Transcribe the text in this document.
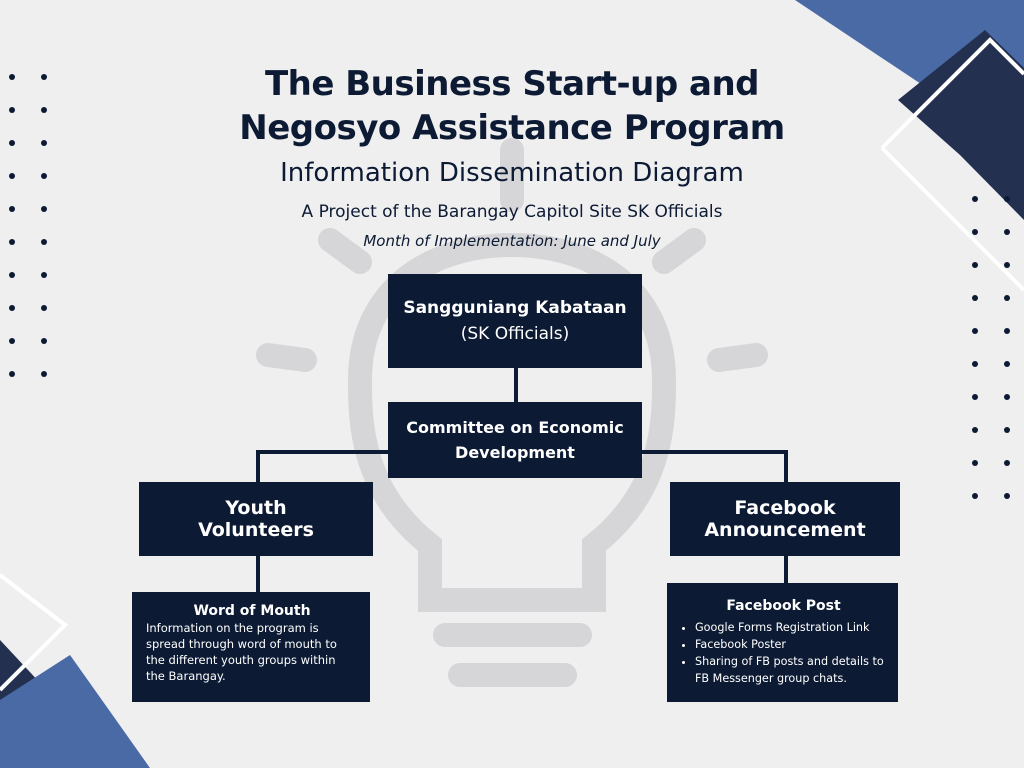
The Business Start-up and
Negosyo Assistance Program
Information Dissemination Diagram
A Project of the Barangay Capitol Site SK Officials
Month of Implementation: June and July
Sangguniang Kabataan
(SK Officials)
Committee on Economic
Development
Youth
Volunteers
Facebook
Announcement
Word of Mouth
Information on the program is spread through word of mouth to the different youth groups within the Barangay.
Facebook Post
• Google Forms Registration Link
• Facebook Poster
• Sharing of FB posts and details to FB Messenger group chats.
